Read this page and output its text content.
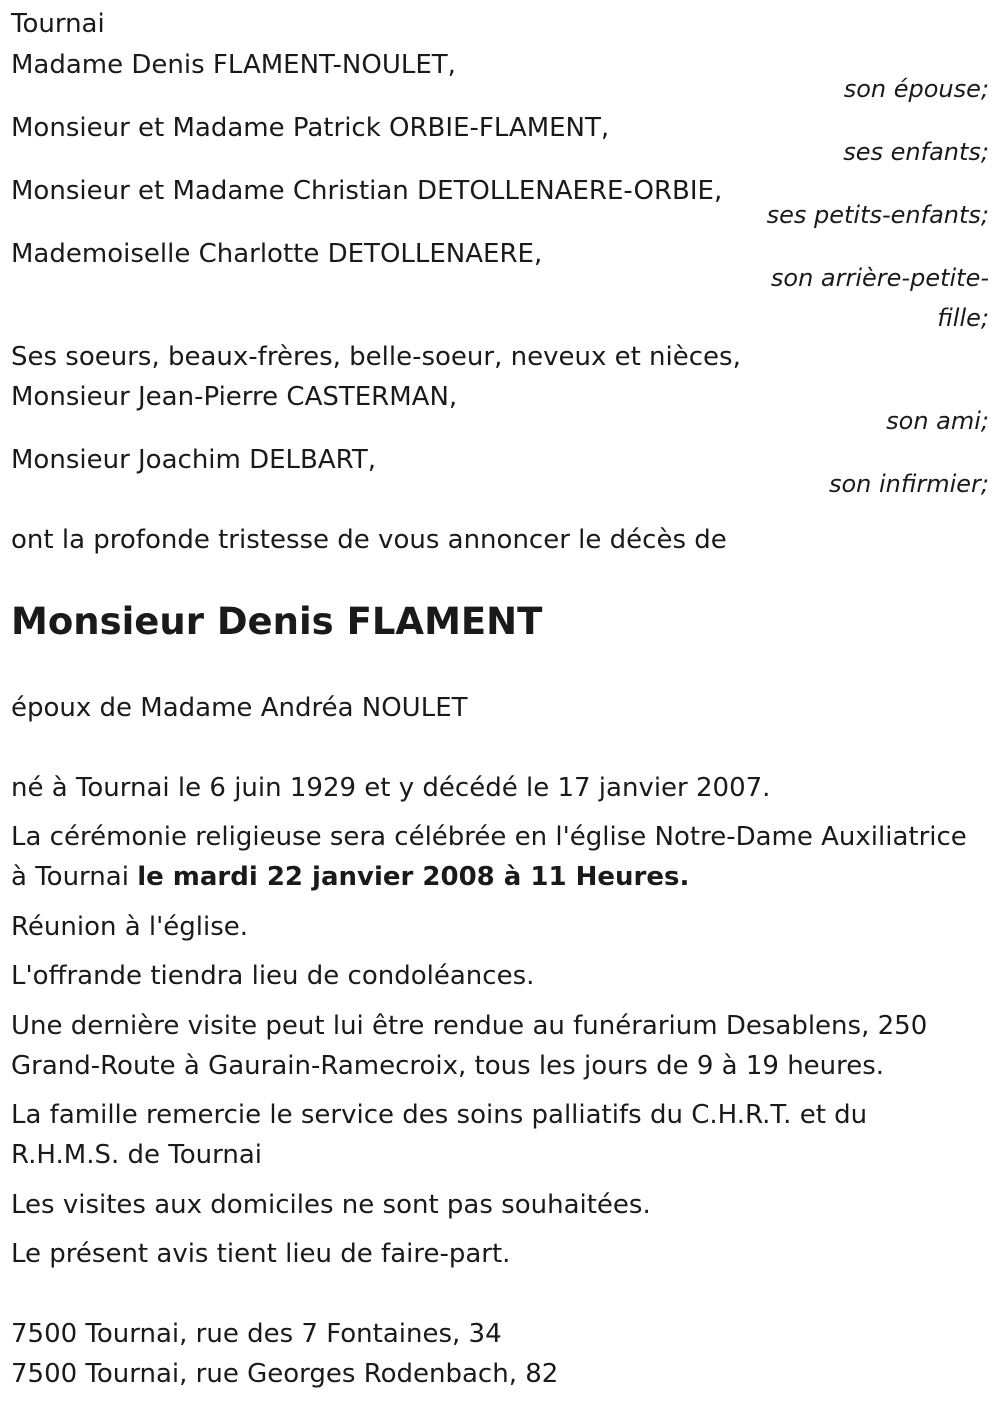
Tournai
Madame Denis FLAMENT-NOULET,
son épouse;
Monsieur et Madame Patrick ORBIE-FLAMENT,
ses enfants;
Monsieur et Madame Christian DETOLLENAERE-ORBIE,
ses petits-enfants;
Mademoiselle Charlotte DETOLLENAERE,
son arrière-petite-
fille;
Ses soeurs, beaux-frères, belle-soeur, neveux et nièces,
Monsieur Jean-Pierre CASTERMAN,
son ami;
Monsieur Joachim DELBART,
son infirmier;
ont la profonde tristesse de vous annoncer le décès de
Monsieur Denis FLAMENT
époux de Madame Andréa NOULET
né à Tournai le 6 juin 1929 et y décédé le 17 janvier 2007.
La cérémonie religieuse sera célébrée en l'église Notre-Dame Auxiliatrice
à Tournai le mardi 22 janvier 2008 à 11 Heures.
Réunion à l'église.
L'offrande tiendra lieu de condoléances.
Une dernière visite peut lui être rendue au funérarium Desablens, 250
Grand-Route à Gaurain-Ramecroix, tous les jours de 9 à 19 heures.
La famille remercie le service des soins palliatifs du C.H.R.T. et du
R.H.M.S. de Tournai
Les visites aux domiciles ne sont pas souhaitées.
Le présent avis tient lieu de faire-part.
7500 Tournai, rue des 7 Fontaines, 34
7500 Tournai, rue Georges Rodenbach, 82
